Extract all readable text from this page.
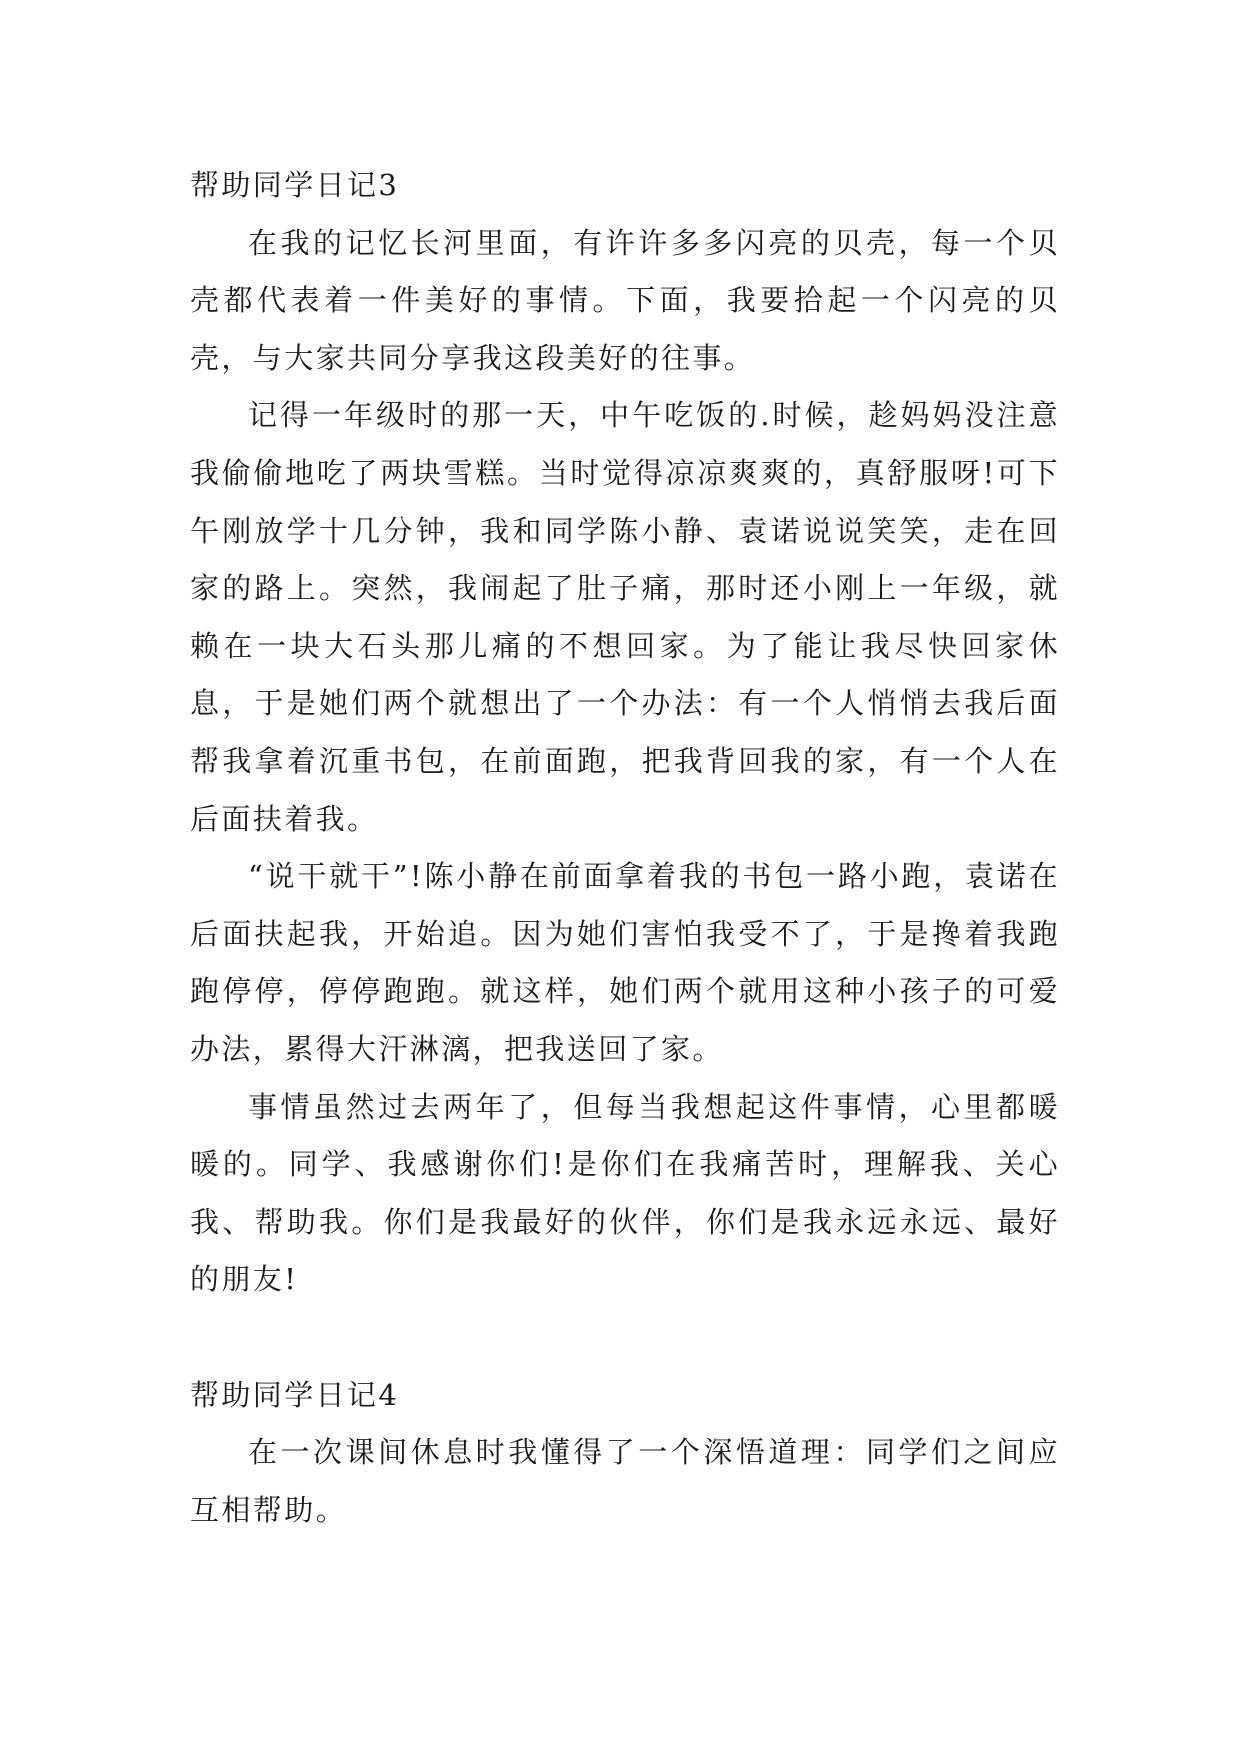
帮助同学日记3

在我的记忆长河里面，有许许多多闪亮的贝壳，每一个贝壳都代表着一件美好的事情。下面，我要拾起一个闪亮的贝壳，与大家共同分享我这段美好的往事。

记得一年级时的那一天，中午吃饭的.时候，趁妈妈没注意我偷偷地吃了两块雪糕。当时觉得凉凉爽爽的，真舒服呀!可下午刚放学十几分钟，我和同学陈小静、袁诺说说笑笑，走在回家的路上。突然，我闹起了肚子痛，那时还小刚上一年级，就赖在一块大石头那儿痛的不想回家。为了能让我尽快回家休息，于是她们两个就想出了一个办法：有一个人悄悄去我后面帮我拿着沉重书包，在前面跑，把我背回我的家，有一个人在后面扶着我。

“说干就干”!陈小静在前面拿着我的书包一路小跑，袁诺在后面扶起我，开始追。因为她们害怕我受不了，于是搀着我跑跑停停，停停跑跑。就这样，她们两个就用这种小孩子的可爱办法，累得大汗淋漓，把我送回了家。

事情虽然过去两年了，但每当我想起这件事情，心里都暖暖的。同学、我感谢你们!是你们在我痛苦时，理解我、关心我、帮助我。你们是我最好的伙伴，你们是我永远永远、最好的朋友!

帮助同学日记4

在一次课间休息时我懂得了一个深悟道理：同学们之间应互相帮助。
